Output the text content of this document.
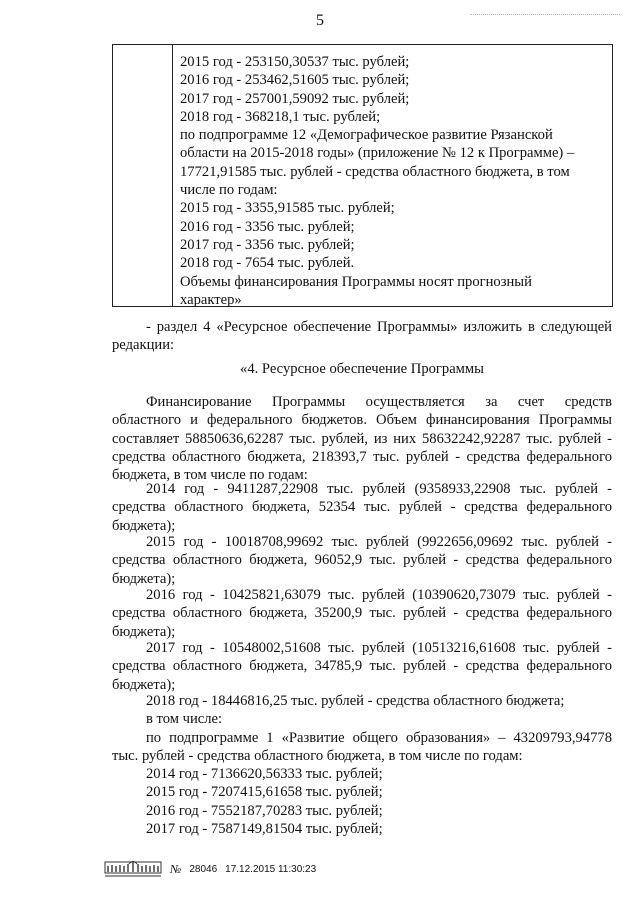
5
2015 год - 253150,30537 тыс. рублей;
2016 год - 253462,51605 тыс. рублей;
2017 год - 257001,59092 тыс. рублей;
2018 год - 368218,1 тыс. рублей;
по подпрограмме 12 «Демографическое развитие Рязанской
области на 2015-2018 годы» (приложение № 12 к Программе) –
17721,91585 тыс. рублей - средства областного бюджета, в том
числе по годам:
2015 год - 3355,91585 тыс. рублей;
2016 год - 3356 тыс. рублей;
2017 год - 3356 тыс. рублей;
2018 год - 7654 тыс. рублей.
Объемы финансирования Программы носят прогнозный
характер»
- раздел 4 «Ресурсное обеспечение Программы» изложить в следующей
редакции:
«4. Ресурсное обеспечение Программы
Финансирование Программы осуществляется за счет средств
областного и федерального бюджетов. Объем финансирования Программы
составляет 58850636,62287 тыс. рублей, из них 58632242,92287 тыс. рублей -
средства областного бюджета, 218393,7 тыс. рублей - средства федерального
бюджета, в том числе по годам:
2014 год - 9411287,22908 тыс. рублей (9358933,22908 тыс. рублей -
средства областного бюджета, 52354 тыс. рублей - средства федерального
бюджета);
2015 год - 10018708,99692 тыс. рублей (9922656,09692 тыс. рублей -
средства областного бюджета, 96052,9 тыс. рублей - средства федерального
бюджета);
2016 год - 10425821,63079 тыс. рублей (10390620,73079 тыс. рублей -
средства областного бюджета, 35200,9 тыс. рублей - средства федерального
бюджета);
2017 год - 10548002,51608 тыс. рублей (10513216,61608 тыс. рублей -
средства областного бюджета, 34785,9 тыс. рублей - средства федерального
бюджета);
2018 год - 18446816,25 тыс. рублей - средства областного бюджета;
в том числе:
по подпрограмме 1 «Развитие общего образования» – 43209793,94778
тыс. рублей - средства областного бюджета, в том числе по годам:
2014 год - 7136620,56333 тыс. рублей;
2015 год - 7207415,61658 тыс. рублей;
2016 год - 7552187,70283 тыс. рублей;
2017 год - 7587149,81504 тыс. рублей;
№ 28046 17.12.2015 11:30:23
